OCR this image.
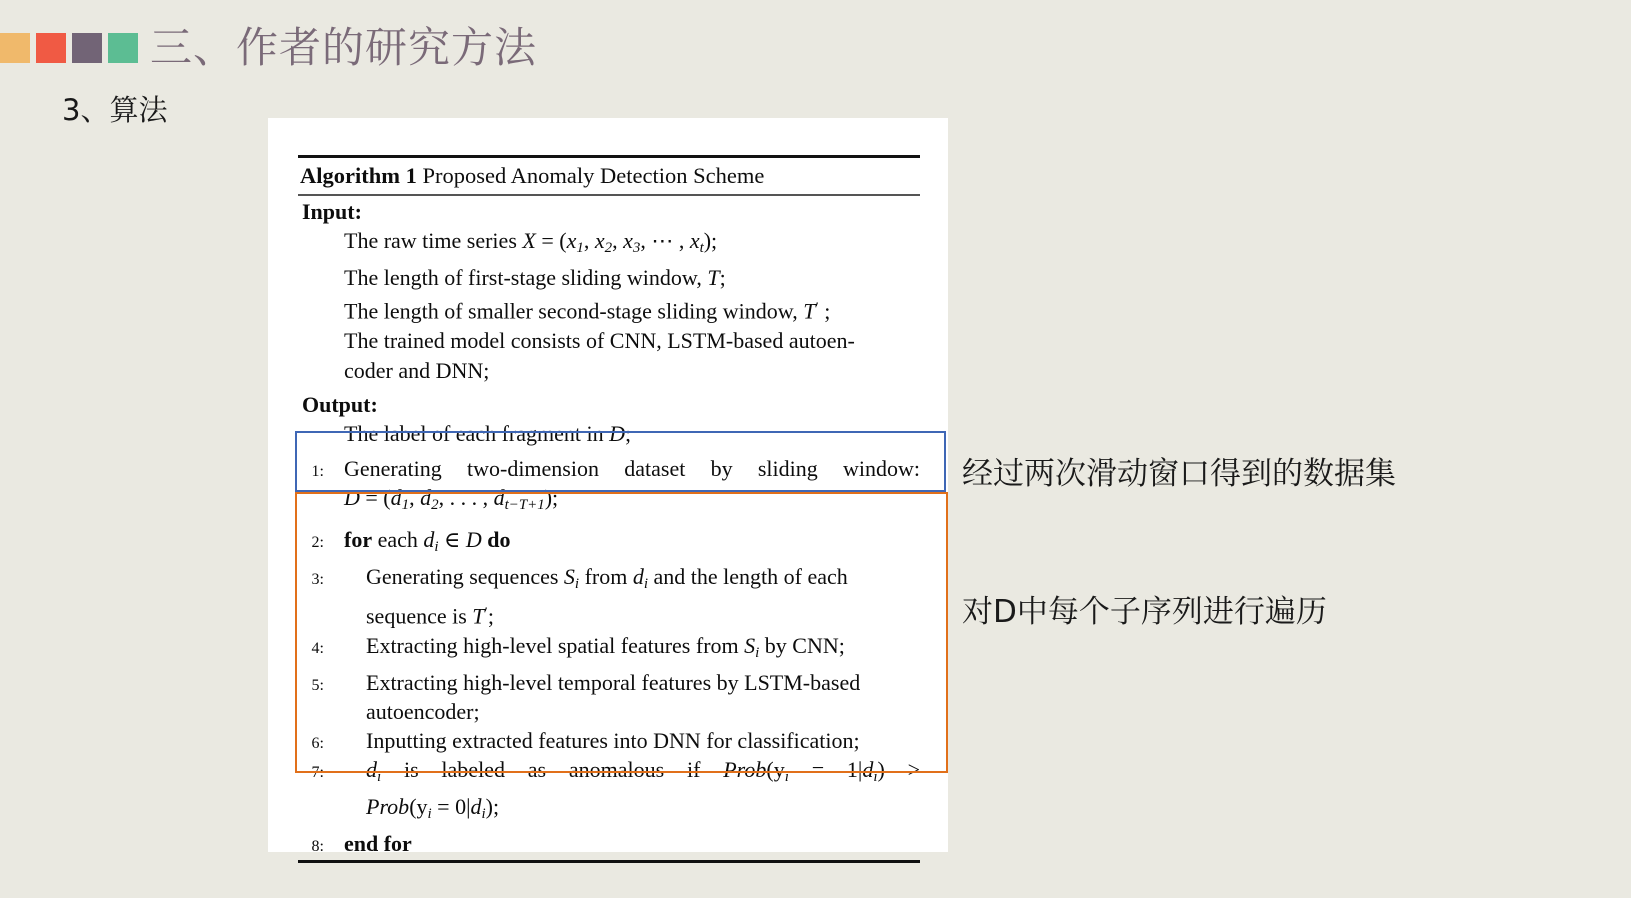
三、作者的研究方法
3、算法
Algorithm 1 Proposed Anomaly Detection Scheme
Input:
The raw time series $X = (x_1$, $x_2$, $x_3$, ⋯ , $x_t$);
The length of first-stage sliding window, T;
The length of smaller second-stage sliding window, T′ ;
The trained model consists of CNN, LSTM-based autoen-
coder and DNN;
Output:
The label of each fragment in D;
1: Generating  two-dimension  dataset  by  sliding  window:
$D = (d_1$, $d_2$, . . . , $d_{t-T+1}$);
2: for each $d_i$ ∈ D do
3: Generating sequences $S_i$ from $d_i$ and the length of each
sequence is T′;
4: Extracting high-level spatial features from $S_i$ by CNN;
5: Extracting high-level temporal features by LSTM-based
autoencoder;
6: Inputting extracted features into DNN for classification;
7: $d_i$  is  labeled  as  anomalous  if  $Prob(y_i = 1|d_i)$  >
$Prob(y_i = 0|d_i)$;
8: end for
经过两次滑动窗口得到的数据集
对D中每个子序列进行遍历
